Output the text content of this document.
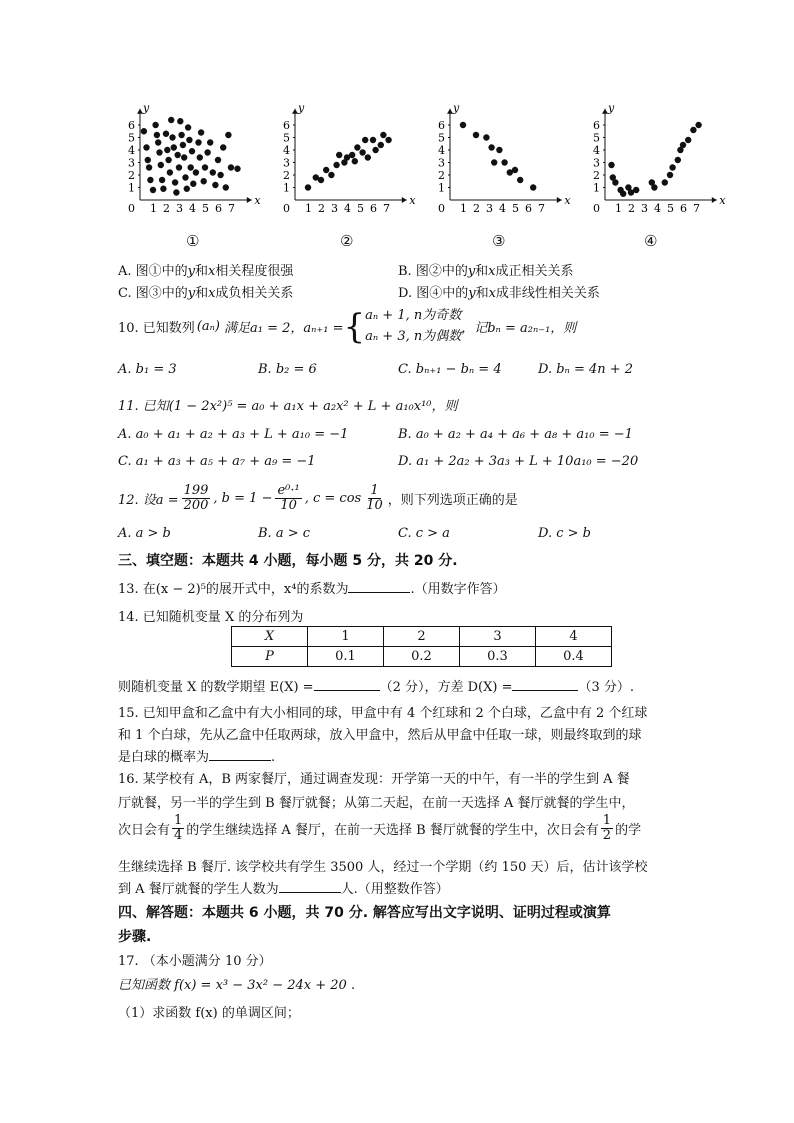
x
y
0 1 2 3 4 5 6 7
1
2
3
4
5
6
x
y
0 1 2 3 4 5 6 7
1
2
3
4
5
6
x
y
0 1 2 3 4 5 6 7
1
2
3
4
5
6
x
y
0 1 2 3 4 5 6 7
1
2
3
4
5
6
①	②	③	④
A. 图①中的𝑦和𝑥相关程度很强	B. 图②中的𝑦和𝑥成正相关关系
C. 图③中的𝑦和𝑥成负相关关系	D. 图④中的𝑦和𝑥成非线性相关关系
10. 已知数列 (aₙ) 满足a₁ = 2，aₙ₊₁ = { aₙ + 1, n为奇数
aₙ + 3, n为偶数 ，记bₙ = a₂ₙ₋₁，则
A. b₁ = 3	B. b₂ = 6	C. bₙ₊₁ − bₙ = 4	D. bₙ = 4n + 2
11. 已知(1 − 2x²)⁵ = a₀ + a₁x + a₂x² + L + a₁₀x¹⁰，则
A. a₀ + a₁ + a₂ + a₃ + L + a₁₀ = −1	B. a₀ + a₂ + a₄ + a₆ + a₈ + a₁₀ = −1
C. a₁ + a₃ + a₅ + a₇ + a₉ = −1	D. a₁ + 2a₂ + 3a₃ + L + 10a₁₀ = −20
12. 设$a = \frac{199}{200}$ , $b = 1 - \frac{\text{e⁰·¹}}{10}$ , $c = \cos \frac{1}{10}$ ，则下列选项正确的是
A. a > b	B. a > c	C. c > a	D. c > b
三、填空题：本题共 4 小题，每小题 5 分，共 20 分.
13. 在(x − 2)⁵的展开式中，x⁴的系数为	.（用数字作答）
14. 已知随机变量 X 的分布列为
X	1	2	3	4
P	0.1	0.2	0.3	0.4
则随机变量 X 的数学期望 E(X) =	（2 分），方差 D(X) =	（3 分）.
15. 已知甲盒和乙盒中有大小相同的球，甲盒中有 4 个红球和 2 个白球，乙盒中有 2 个红球
和 1 个白球，先从乙盒中任取两球，放入甲盒中，然后从甲盒中任取一球，则最终取到的球
是白球的概率为	.
16. 某学校有 A，B 两家餐厅，通过调查发现：开学第一天的中午，有一半的学生到 A 餐
厅就餐，另一半的学生到 B 餐厅就餐；从第二天起，在前一天选择 A 餐厅就餐的学生中，
次日会有 $\frac{1}{4}$ 的学生继续选择 A 餐厅，在前一天选择 B 餐厅就餐的学生中，次日会有 $\frac{1}{2}$ 的学
生继续选择 B 餐厅. 该学校共有学生 3500 人，经过一个学期（约 150 天）后，估计该学校
到 A 餐厅就餐的学生人数为	人.（用整数作答）
四、解答题：本题共 6 小题，共 70 分. 解答应写出文字说明、证明过程或演算
步骤.
17. （本小题满分 10 分）
已知函数 f(x) = x³ − 3x² − 24x + 20 .
（1）求函数 f(x) 的单调区间；
